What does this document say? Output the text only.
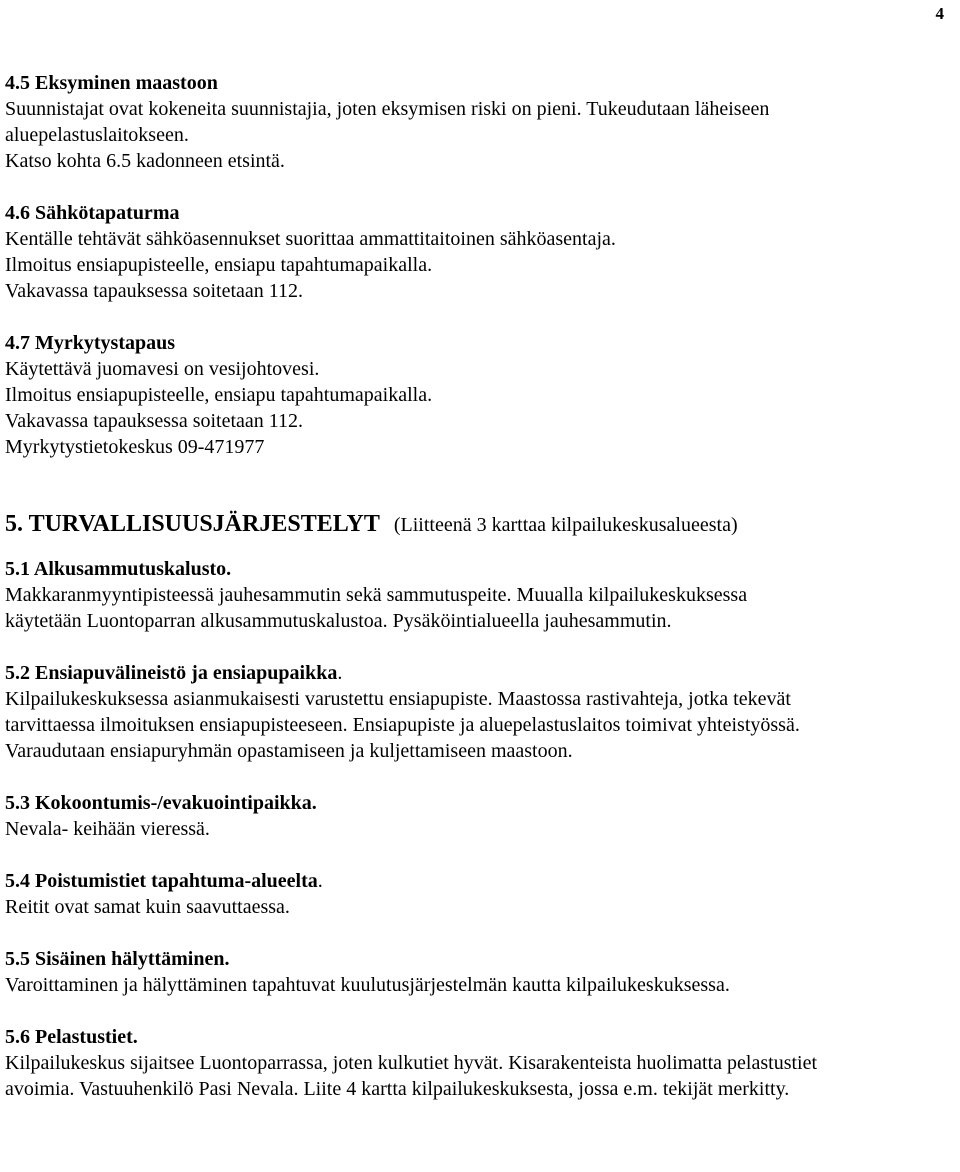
4
4.5 Eksyminen maastoon
Suunnistajat ovat kokeneita suunnistajia, joten eksymisen riski on pieni. Tukeudutaan läheiseen
aluepelastuslaitokseen.
Katso kohta 6.5 kadonneen etsintä.
4.6 Sähkötapaturma
Kentälle tehtävät sähköasennukset suorittaa ammattitaitoinen sähköasentaja.
Ilmoitus ensiapupisteelle, ensiapu tapahtumapaikalla.
Vakavassa tapauksessa soitetaan 112.
4.7 Myrkytystapaus
Käytettävä juomavesi on vesijohtovesi.
Ilmoitus ensiapupisteelle, ensiapu tapahtumapaikalla.
Vakavassa tapauksessa soitetaan 112.
Myrkytystietokeskus 09-471977
5. TURVALLISUUSJÄRJESTELYT (Liitteenä 3 karttaa kilpailukeskusalueesta)
5.1 Alkusammutuskalusto.
Makkaranmyyntipisteessä jauhesammutin sekä sammutuspeite. Muualla kilpailukeskuksessa
käytetään Luontoparran alkusammutuskalustoa. Pysäköintialueella jauhesammutin.
5.2 Ensiapuvälineistö ja ensiapupaikka.
Kilpailukeskuksessa asianmukaisesti varustettu ensiapupiste. Maastossa rastivahteja, jotka tekevät
tarvittaessa ilmoituksen ensiapupisteeseen. Ensiapupiste ja aluepelastuslaitos toimivat yhteistyössä.
Varaudutaan ensiapuryhmän opastamiseen ja kuljettamiseen maastoon.
5.3 Kokoontumis-/evakuointipaikka.
Nevala- keihään vieressä.
5.4 Poistumistiet tapahtuma-alueelta.
Reitit ovat samat kuin saavuttaessa.
5.5 Sisäinen hälyttäminen.
Varoittaminen ja hälyttäminen tapahtuvat kuulutusjärjestelmän kautta kilpailukeskuksessa.
5.6 Pelastustiet.
Kilpailukeskus sijaitsee Luontoparrassa, joten kulkutiet hyvät. Kisarakenteista huolimatta pelastustiet
avoimia. Vastuuhenkilö Pasi Nevala. Liite 4 kartta kilpailukeskuksesta, jossa e.m. tekijät merkitty.
